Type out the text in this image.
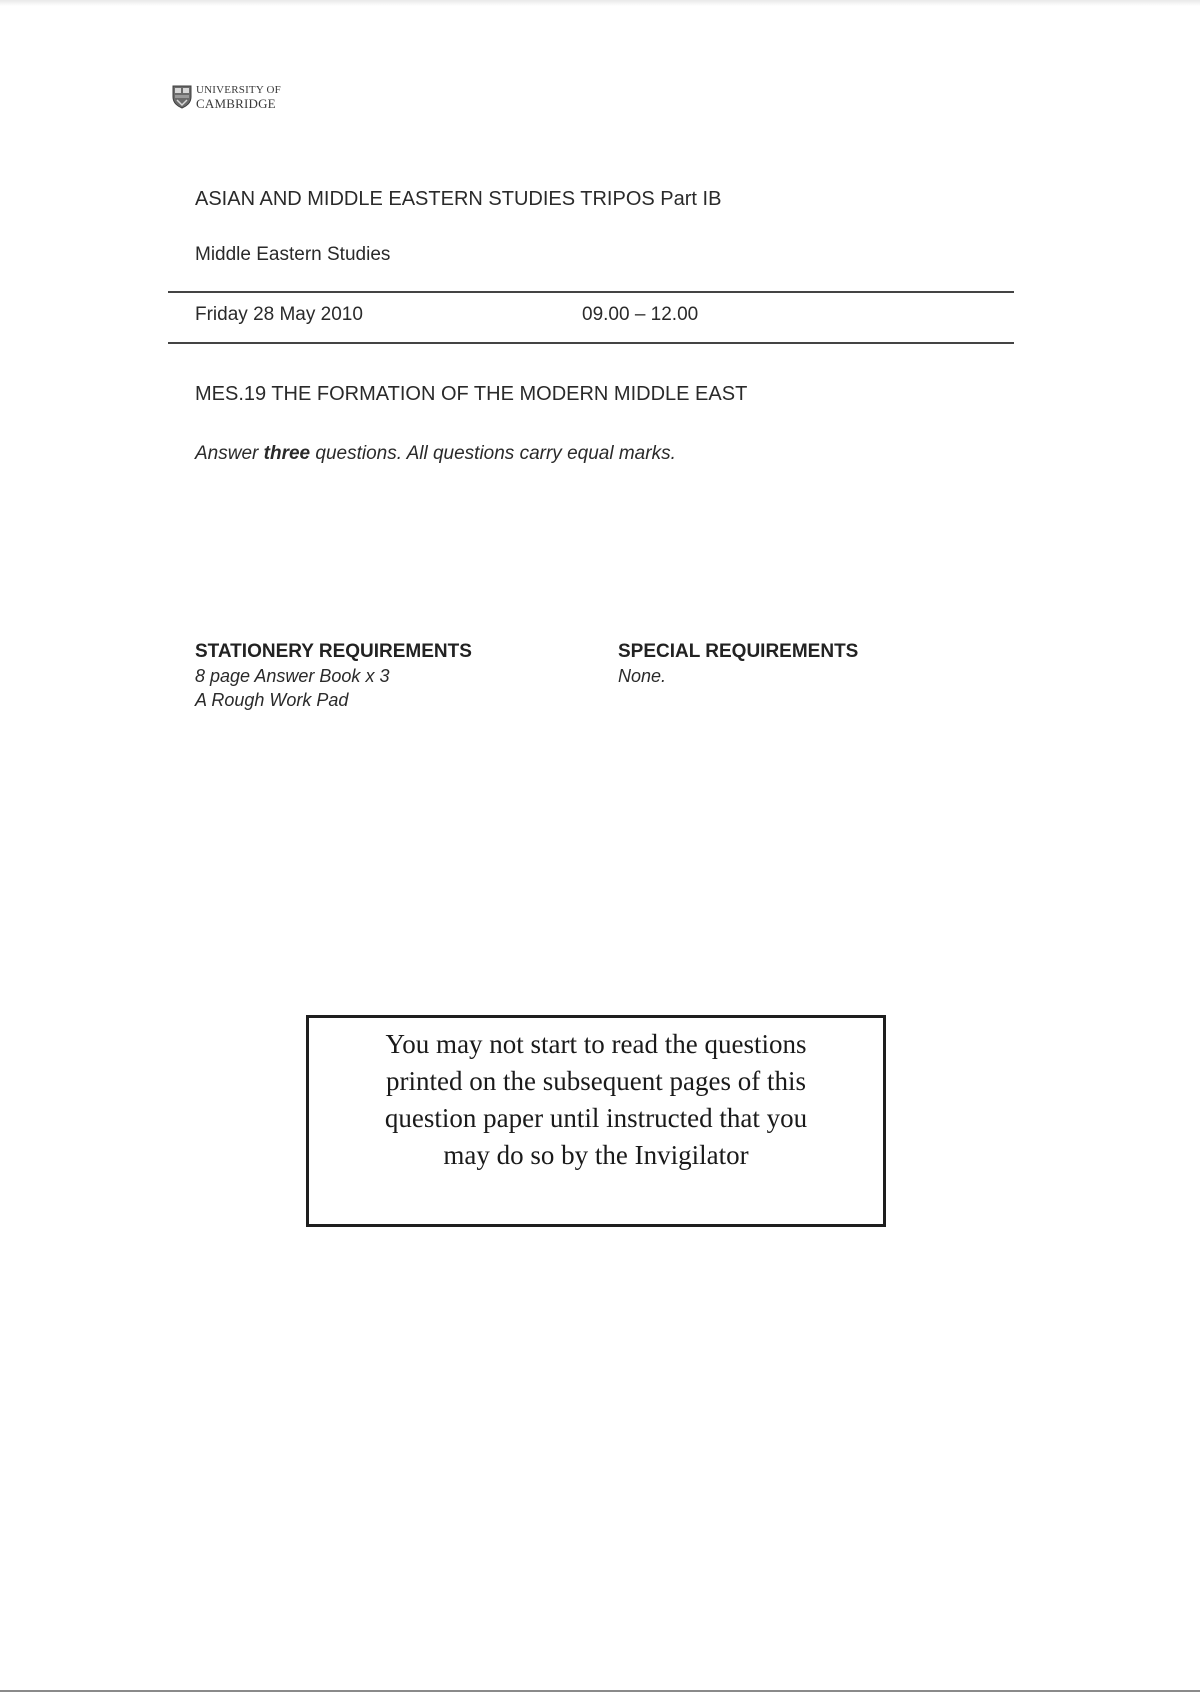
UNIVERSITY OF
CAMBRIDGE
ASIAN AND MIDDLE EASTERN STUDIES TRIPOS Part IB
Middle Eastern Studies
Friday 28 May 2010	09.00 – 12.00
MES.19 THE FORMATION OF THE MODERN MIDDLE EAST
Answer three questions. All questions carry equal marks.
STATIONERY REQUIREMENTS
8 page Answer Book x 3
A Rough Work Pad
SPECIAL REQUIREMENTS
None.
You may not start to read the questions
printed on the subsequent pages of this
question paper until instructed that you
may do so by the Invigilator
